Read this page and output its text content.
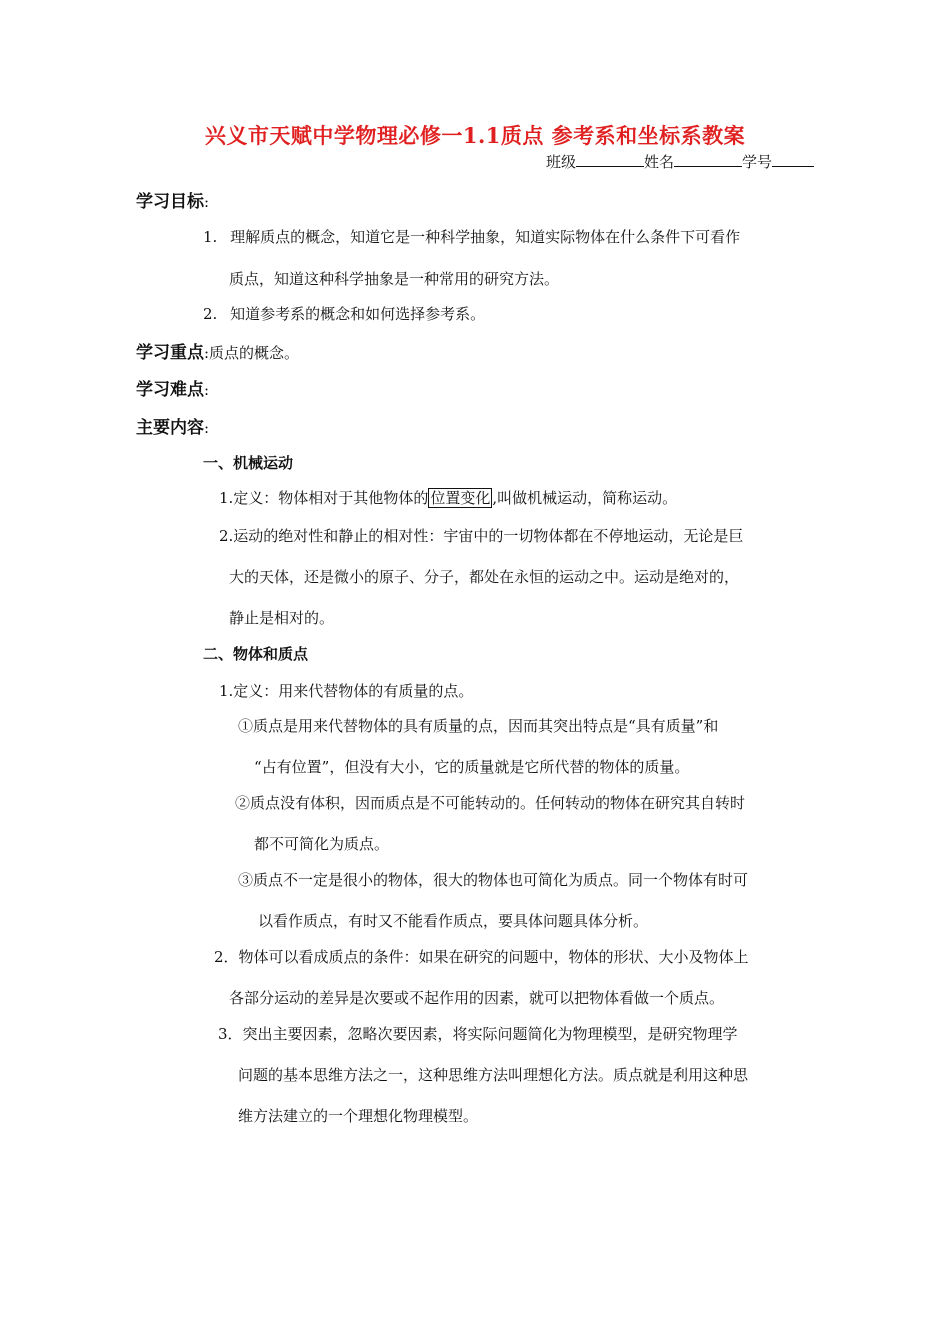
兴义市天赋中学物理必修一1.1质点 参考系和坐标系教案
班级	姓名	学号
学习目标:
1. 理解质点的概念，知道它是一种科学抽象，知道实际物体在什么条件下可看作
质点，知道这种科学抽象是一种常用的研究方法。
2. 知道参考系的概念和如何选择参考系。
学习重点:质点的概念。
学习难点:
主要内容:
一、机械运动
1.定义：物体相对于其他物体的 位置变化 ,叫做机械运动，简称运动。
2.运动的绝对性和静止的相对性：宇宙中的一切物体都在不停地运动，无论是巨
大的天体，还是微小的原子、分子，都处在永恒的运动之中。运动是绝对的，
静止是相对的。
二、物体和质点
1.定义：用来代替物体的有质量的点。
①质点是用来代替物体的具有质量的点，因而其突出特点是“具有质量”和
“占有位置”，但没有大小，它的质量就是它所代替的物体的质量。
②质点没有体积，因而质点是不可能转动的。任何转动的物体在研究其自转时
都不可简化为质点。
③质点不一定是很小的物体，很大的物体也可简化为质点。同一个物体有时可
以看作质点，有时又不能看作质点，要具体问题具体分析。
2．物体可以看成质点的条件：如果在研究的问题中，物体的形状、大小及物体上
各部分运动的差异是次要或不起作用的因素，就可以把物体看做一个质点。
3．突出主要因素，忽略次要因素，将实际问题简化为物理模型，是研究物理学
问题的基本思维方法之一，这种思维方法叫理想化方法。质点就是利用这种思
维方法建立的一个理想化物理模型。
